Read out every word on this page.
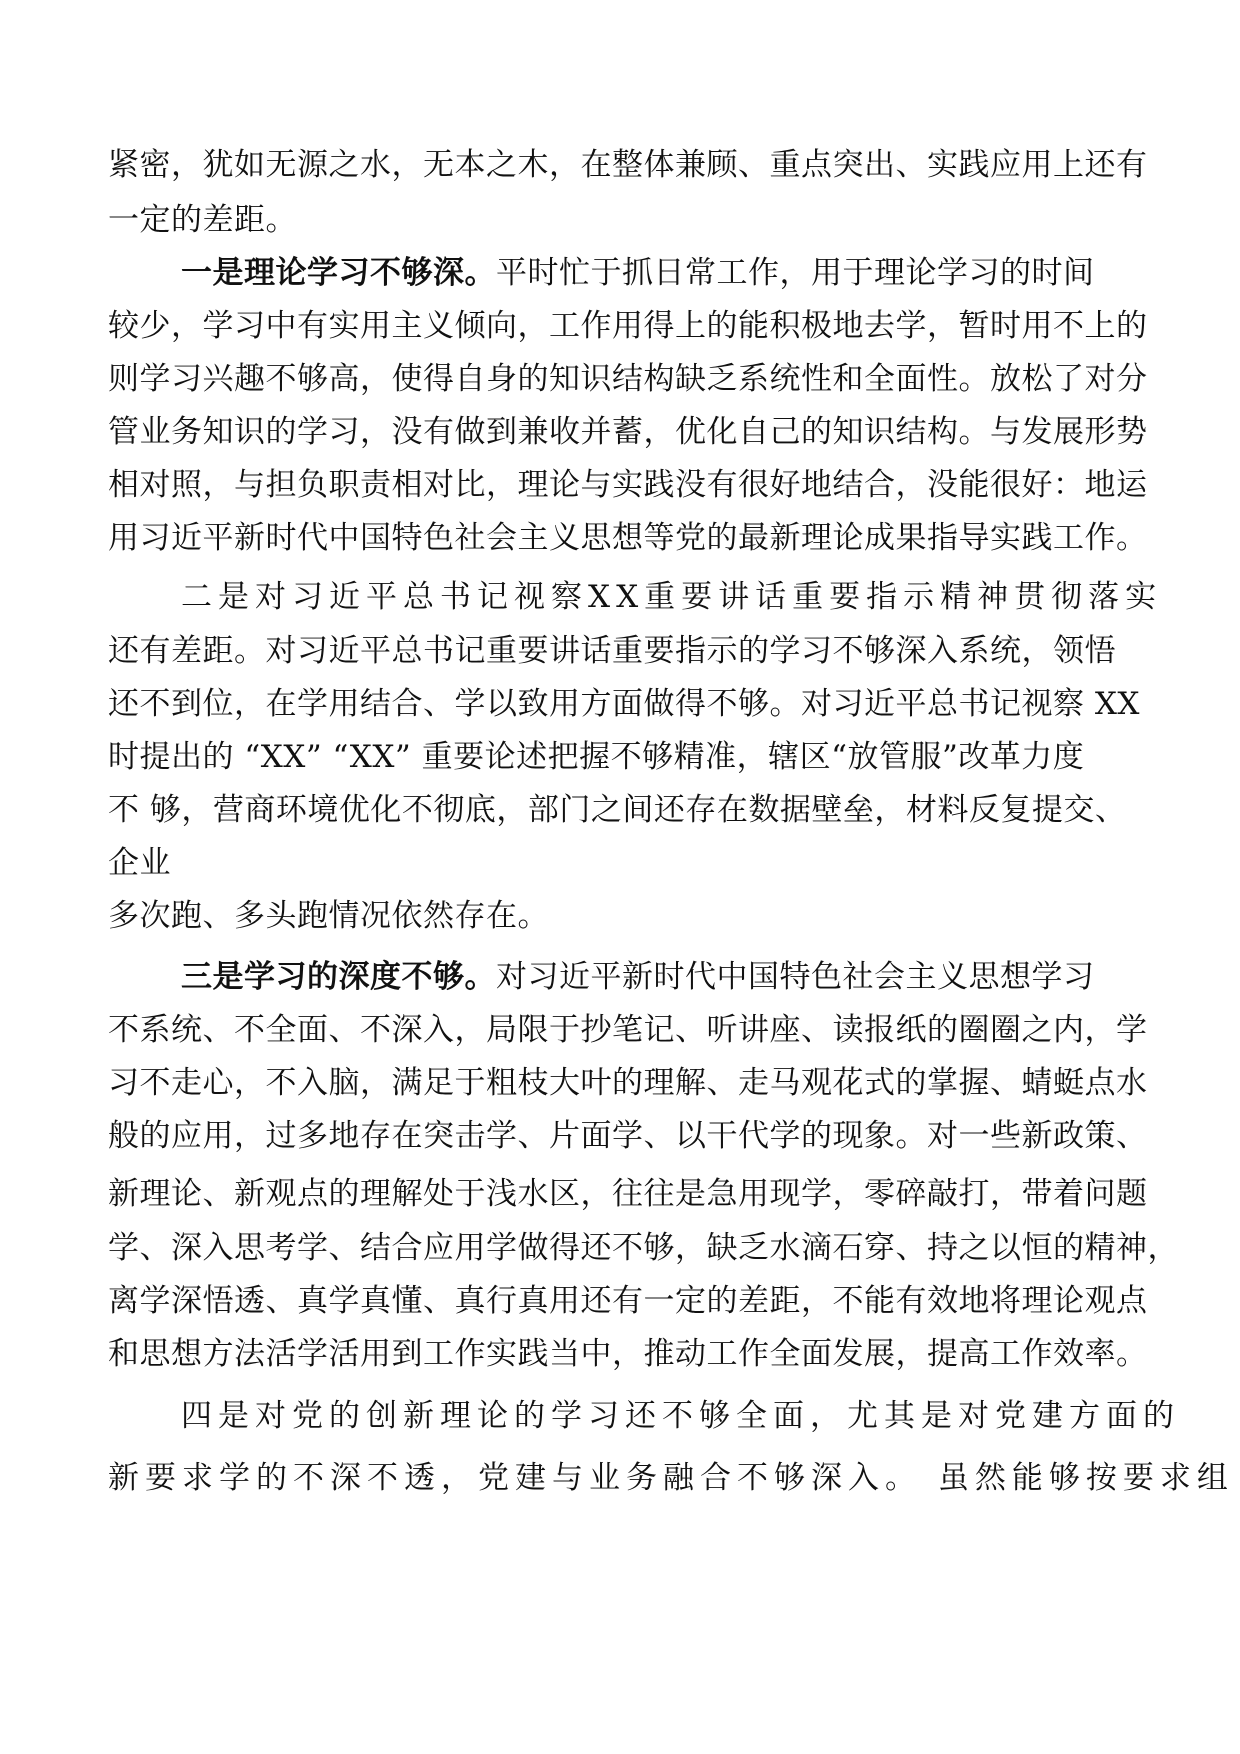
紧密，犹如无源之水，无本之木，在整体兼顾、重点突出、实践应用上还有
一定的差距。
一是理论学习不够深。平时忙于抓日常工作，用于理论学习的时间
较少，学习中有实用主义倾向，工作用得上的能积极地去学，暂时用不上的
则学习兴趣不够高，使得自身的知识结构缺乏系统性和全面性。放松了对分
管业务知识的学习，没有做到兼收并蓄，优化自己的知识结构。与发展形势
相对照，与担负职责相对比，理论与实践没有很好地结合，没能很好：地运
用习近平新时代中国特色社会主义思想等党的最新理论成果指导实践工作。
二是对习近平总书记视察XX重要讲话重要指示精神贯彻落实
还有差距。对习近平总书记重要讲话重要指示的学习不够深入系统，领悟
还不到位，在学用结合、学以致用方面做得不够。对习近平总书记视察 XX
时提出的 “XX” “XX” 重要论述把握不够精准，辖区“放管服”改革力度
不 够，营商环境优化不彻底，部门之间还存在数据壁垒，材料反复提交、
企业
多次跑、多头跑情况依然存在。
三是学习的深度不够。对习近平新时代中国特色社会主义思想学习
不系统、不全面、不深入，局限于抄笔记、听讲座、读报纸的圈圈之内，学
习不走心，不入脑，满足于粗枝大叶的理解、走马观花式的掌握、蜻蜓点水
般的应用，过多地存在突击学、片面学、以干代学的现象。对一些新政策、
新理论、新观点的理解处于浅水区，往往是急用现学，零碎敲打，带着问题
学、深入思考学、结合应用学做得还不够，缺乏水滴石穿、持之以恒的精神，
离学深悟透、真学真懂、真行真用还有一定的差距，不能有效地将理论观点
和思想方法活学活用到工作实践当中，推动工作全面发展，提高工作效率。
四是对党的创新理论的学习还不够全面，尤其是对党建方面的
新要求学的不深不透，党建与业务融合不够深入。 虽然能够按要求组
